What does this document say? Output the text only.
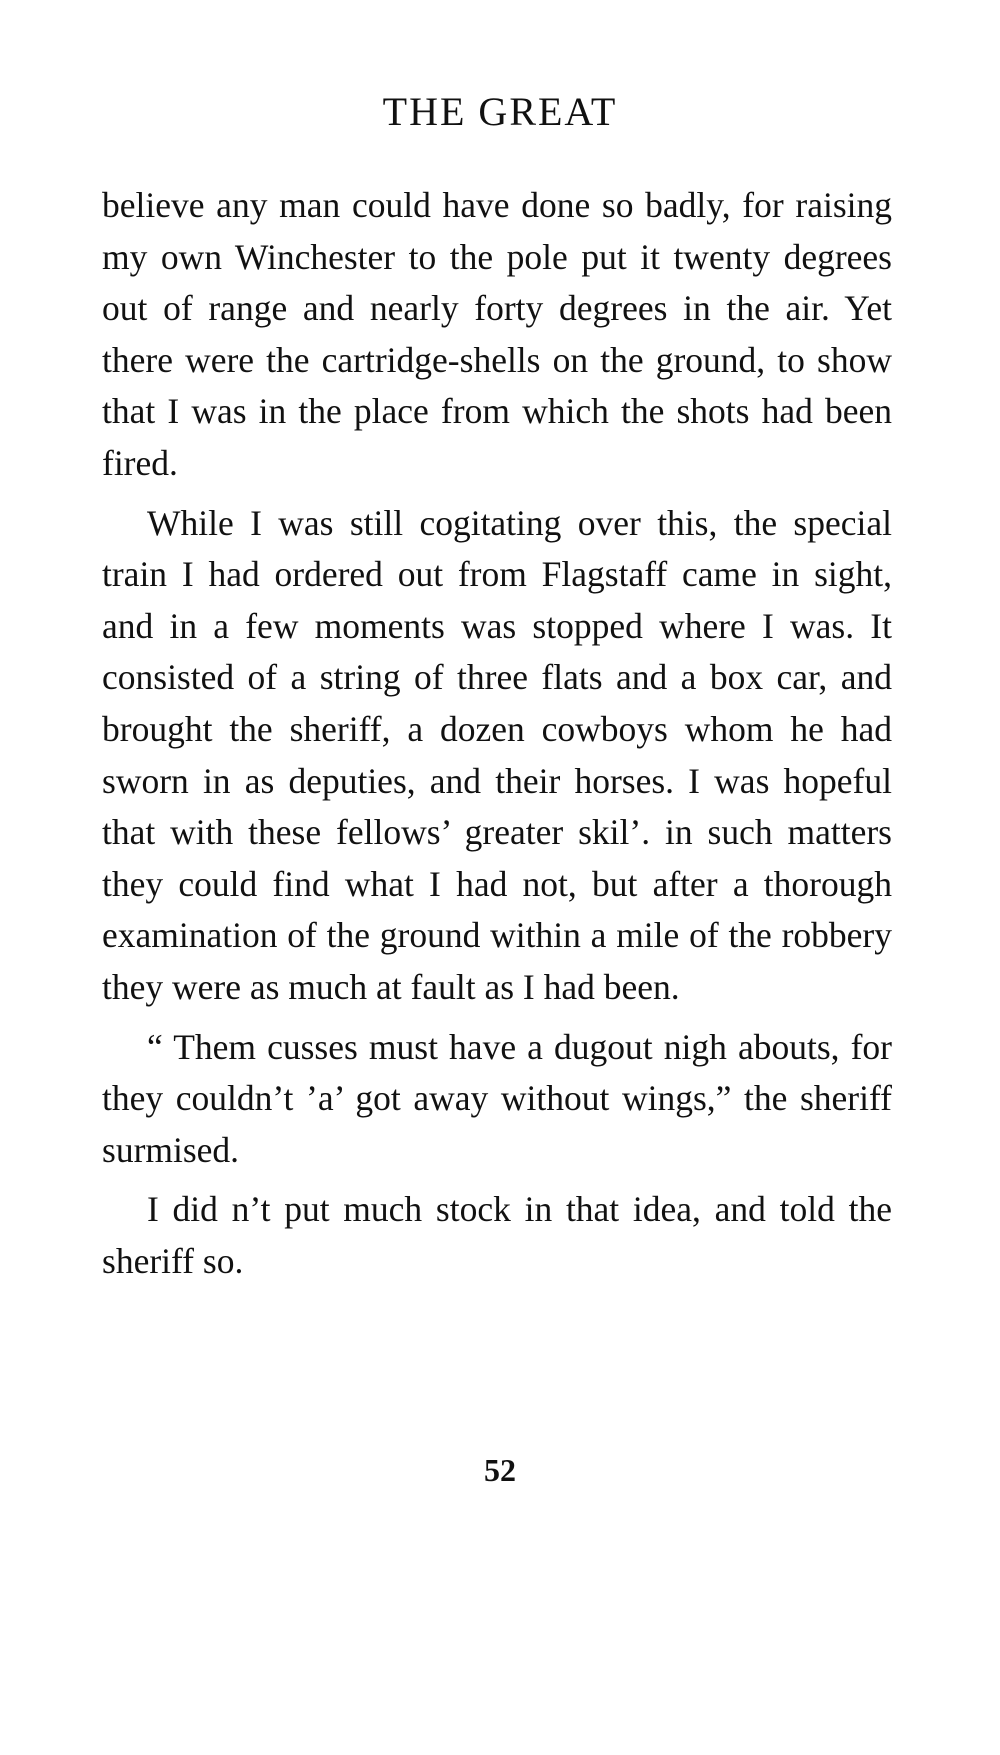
THE GREAT

believe any man could have done so badly, for raising my own Winchester to the pole put it twenty degrees out of range and nearly forty degrees in the air. Yet there were the cartridge-shells on the ground, to show that I was in the place from which the shots had been fired.

While I was still cogitating over this, the special train I had ordered out from Flagstaff came in sight, and in a few moments was stopped where I was. It consisted of a string of three flats and a box car, and brought the sheriff, a dozen cowboys whom he had sworn in as deputies, and their horses. I was hopeful that with these fellows’ greater skil’. in such matters they could find what I had not, but after a thorough examination of the ground within a mile of the robbery they were as much at fault as I had been.

“ Them cusses must have a dugout nigh abouts, for they couldn’t ’a’ got away without wings,” the sheriff surmised.

I did n’t put much stock in that idea, and told the sheriff so.

52
